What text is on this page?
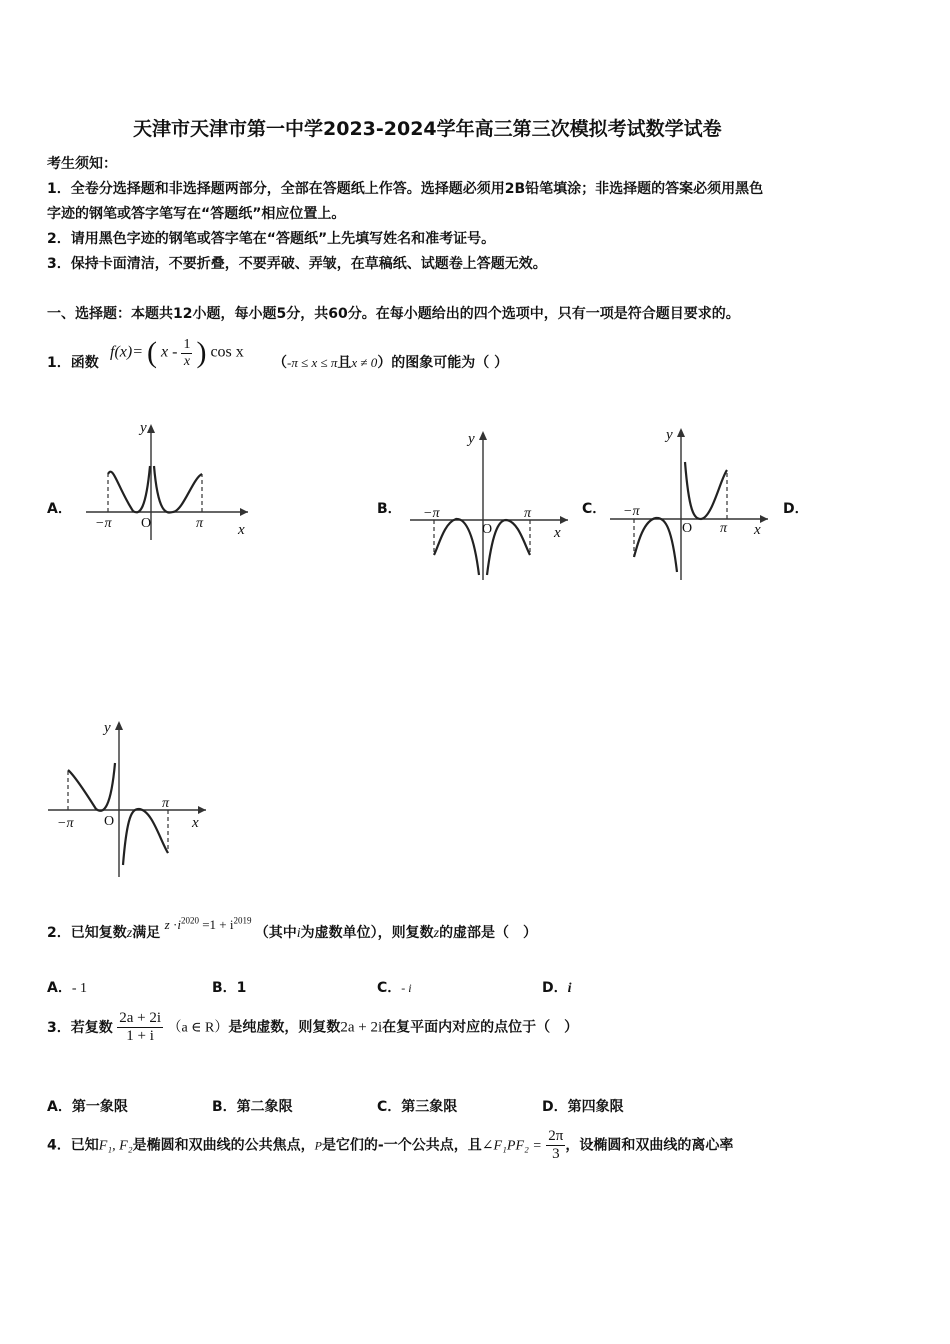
天津市天津市第一中学2023-2024学年高三第三次模拟考试数学试卷
考生须知：
1．全卷分选择题和非选择题两部分，全部在答题纸上作答。选择题必须用2B铅笔填涂；非选择题的答案必须用黑色
字迹的钢笔或答字笔写在“答题纸”相应位置上。
2．请用黑色字迹的钢笔或答字笔在“答题纸”上先填写姓名和准考证号。
3．保持卡面清洁，不要折叠，不要弄破、弄皱，在草稿纸、试题卷上答题无效。
一、选择题：本题共12小题，每小题5分，共60分。在每小题给出的四个选项中，只有一项是符合题目要求的。
1．函数
f(x)= ( x - $\frac{1}{x}$ ) cos x
（-π ≤ x ≤ π且x ≠ 0）的图象可能为（ ）
A．	B．	C．	D．
y
x
O
−π	π
y
x
O
−π	π
y
x
O
−π
π
y
x
O
−π
π
2．已知复数z满足 $z \cdot i^{2020} =1 + i^{2019}$ （其中i为虚数单位），则复数z的虚部是（　）
A．- 1	B．1	C．- i	D．i
3．若复数 $\frac{2a + 2i}{1 + i} (a$ ∈ R）是纯虚数，则复数2a + 2i在复平面内对应的点位于（　）
A．第一象限	B．第二象限	C．第三象限	D．第四象限
4．已知F₁, F₂是椭圆和双曲线的公共焦点，P是它们的-一个公共点，且∠F₁PF₂ = $\frac{2\pi}{3}$ ，设椭圆和双曲线的离心率
